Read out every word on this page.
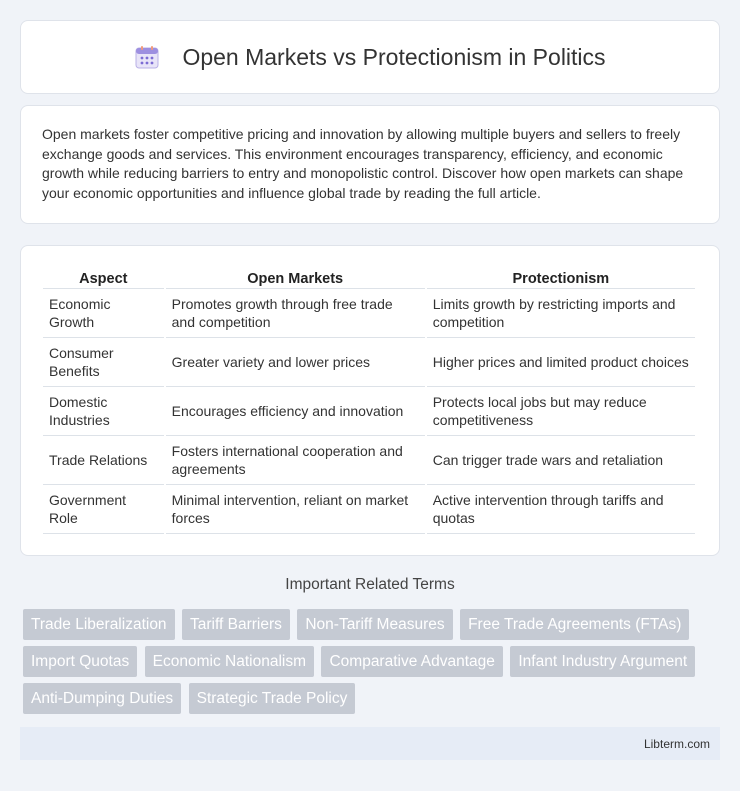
Open Markets vs Protectionism in Politics

Open markets foster competitive pricing and innovation by allowing multiple buyers and sellers to freely exchange goods and services. This environment encourages transparency, efficiency, and economic growth while reducing barriers to entry and monopolistic control. Discover how open markets can shape your economic opportunities and influence global trade by reading the full article.

Aspect	Open Markets	Protectionism
Economic Growth	Promotes growth through free trade and competition	Limits growth by restricting imports and competition
Consumer Benefits	Greater variety and lower prices	Higher prices and limited product choices
Domestic Industries	Encourages efficiency and innovation	Protects local jobs but may reduce competitiveness
Trade Relations	Fosters international cooperation and agreements	Can trigger trade wars and retaliation
Government Role	Minimal intervention, reliant on market forces	Active intervention through tariffs and quotas
Important Related Terms
Trade Liberalization Tariff Barriers Non-Tariff Measures Free Trade Agreements (FTAs) Import Quotas Economic Nationalism Comparative Advantage Infant Industry Argument Anti-Dumping Duties Strategic Trade Policy
Libterm.com
